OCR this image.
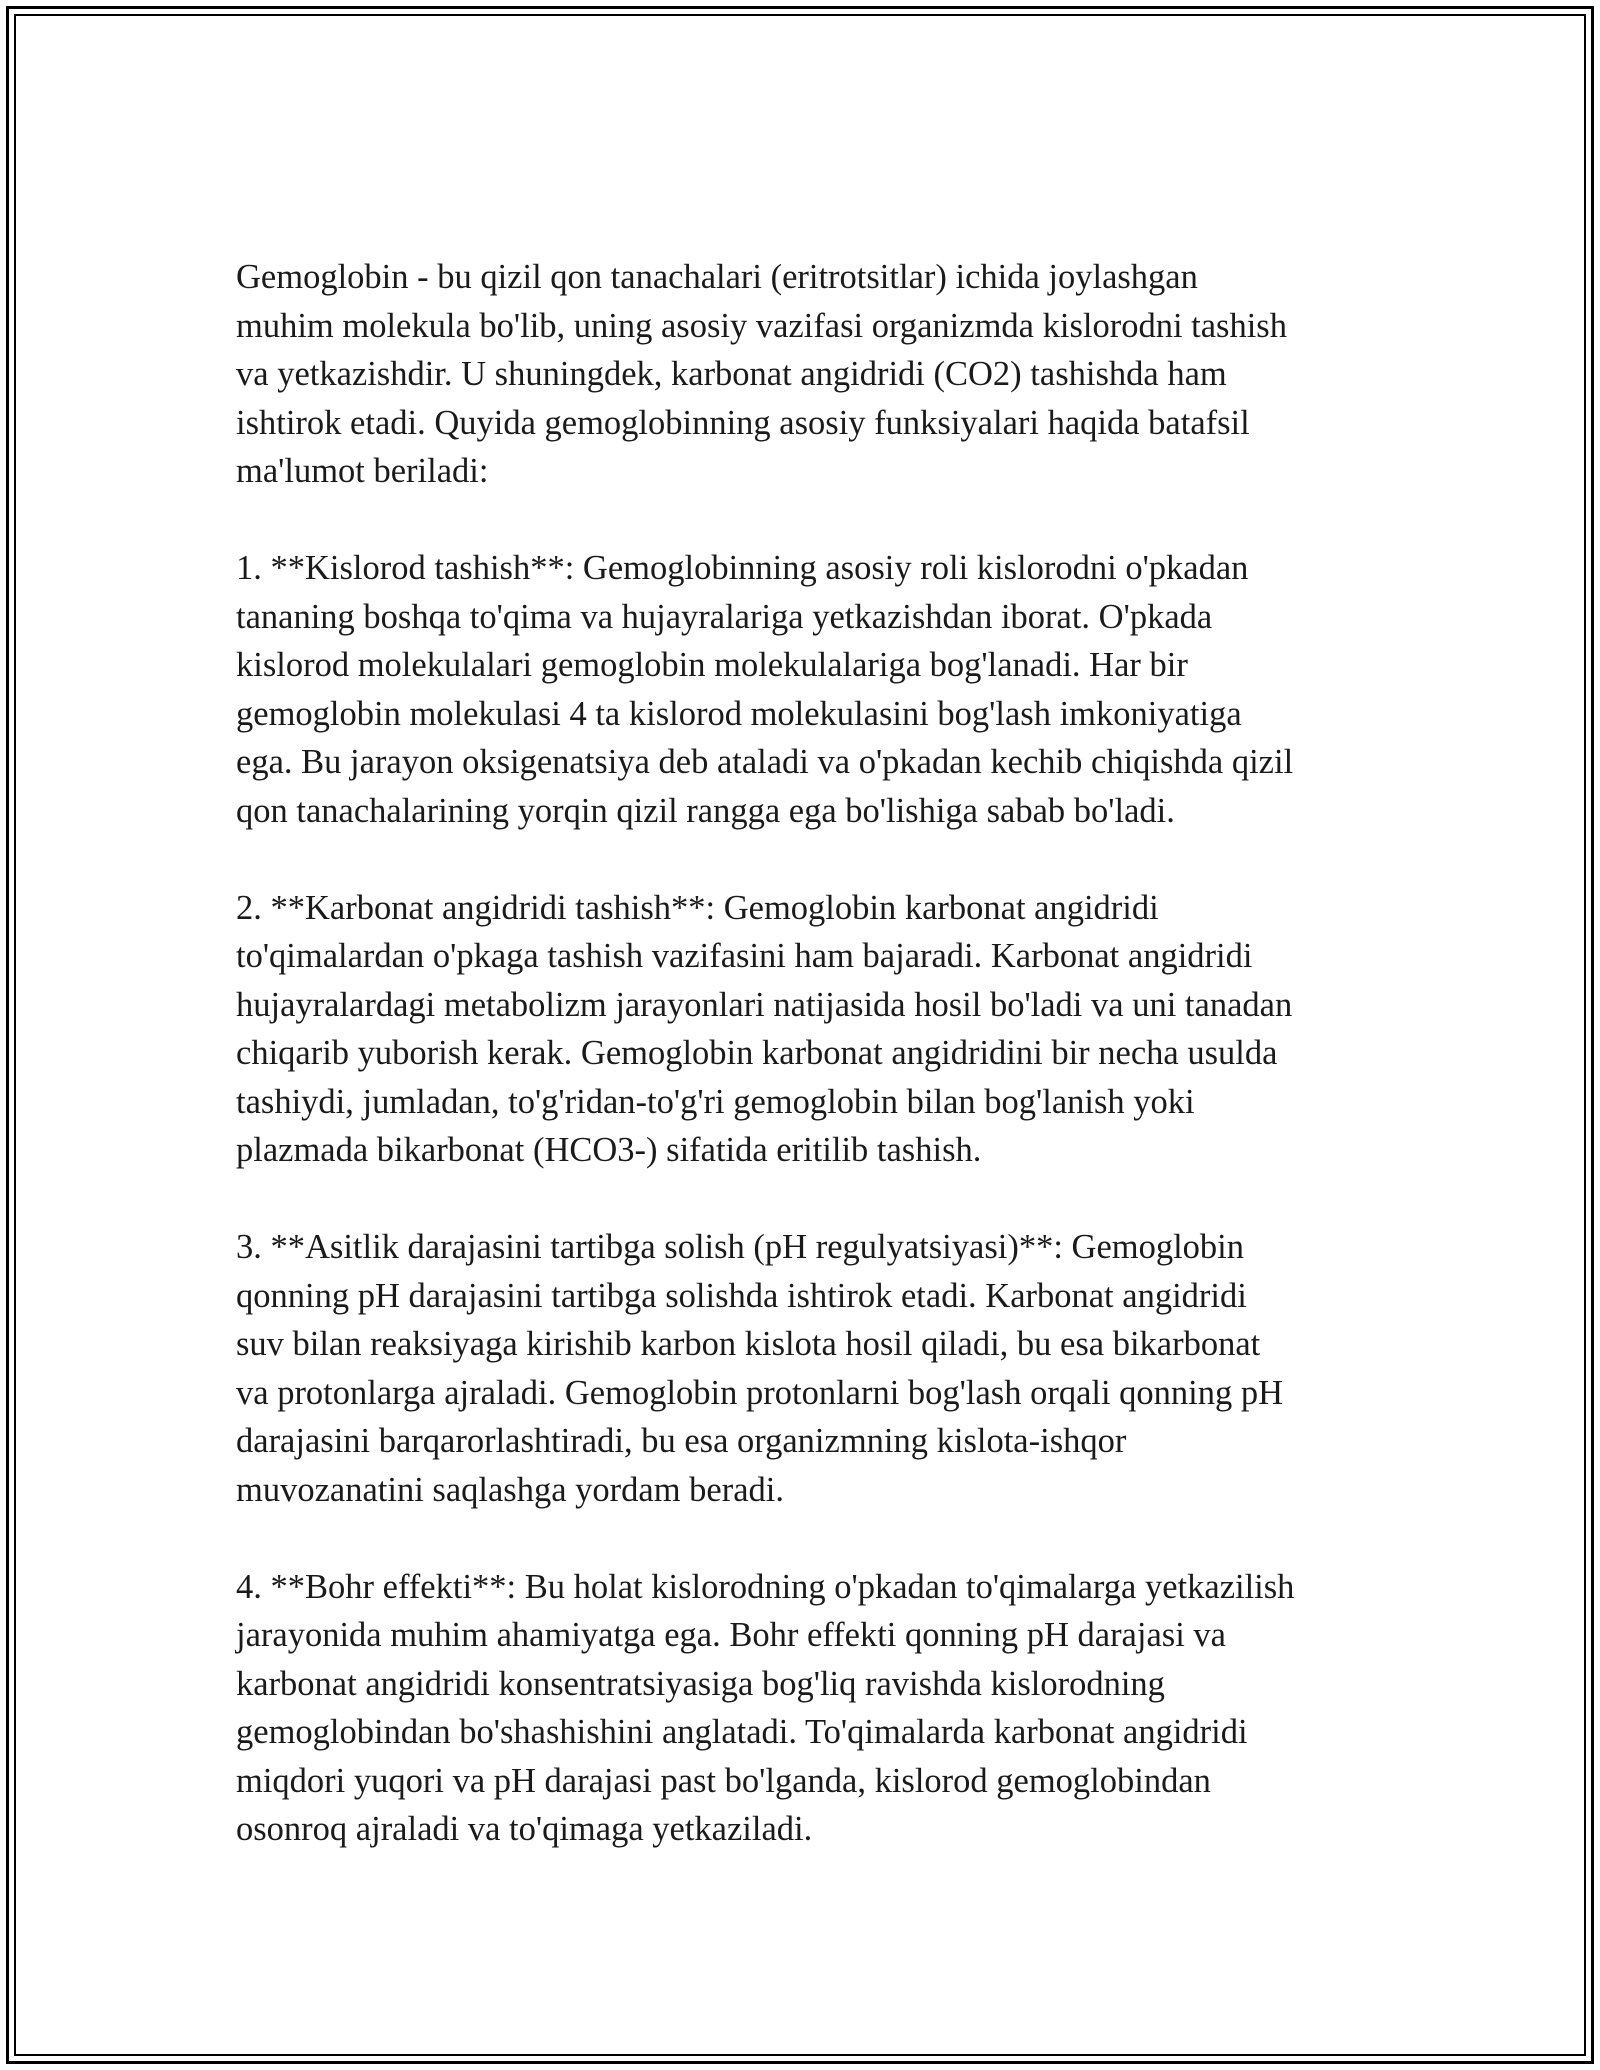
Gemoglobin - bu qizil qon tanachalari (eritrotsitlar) ichida joylashgan
muhim molekula bo'lib, uning asosiy vazifasi organizmda kislorodni tashish
va yetkazishdir. U shuningdek, karbonat angidridi (CO2) tashishda ham
ishtirok etadi. Quyida gemoglobinning asosiy funksiyalari haqida batafsil
ma'lumot beriladi:

1. **Kislorod tashish**: Gemoglobinning asosiy roli kislorodni o'pkadan
tananing boshqa to'qima va hujayralariga yetkazishdan iborat. O'pkada
kislorod molekulalari gemoglobin molekulalariga bog'lanadi. Har bir
gemoglobin molekulasi 4 ta kislorod molekulasini bog'lash imkoniyatiga
ega. Bu jarayon oksigenatsiya deb ataladi va o'pkadan kechib chiqishda qizil
qon tanachalarining yorqin qizil rangga ega bo'lishiga sabab bo'ladi.

2. **Karbonat angidridi tashish**: Gemoglobin karbonat angidridi
to'qimalardan o'pkaga tashish vazifasini ham bajaradi. Karbonat angidridi
hujayralardagi metabolizm jarayonlari natijasida hosil bo'ladi va uni tanadan
chiqarib yuborish kerak. Gemoglobin karbonat angidridini bir necha usulda
tashiydi, jumladan, to'g'ridan-to'g'ri gemoglobin bilan bog'lanish yoki
plazmada bikarbonat (HCO3-) sifatida eritilib tashish.

3. **Asitlik darajasini tartibga solish (pH regulyatsiyasi)**: Gemoglobin
qonning pH darajasini tartibga solishda ishtirok etadi. Karbonat angidridi
suv bilan reaksiyaga kirishib karbon kislota hosil qiladi, bu esa bikarbonat
va protonlarga ajraladi. Gemoglobin protonlarni bog'lash orqali qonning pH
darajasini barqarorlashtiradi, bu esa organizmning kislota-ishqor
muvozanatini saqlashga yordam beradi.

4. **Bohr effekti**: Bu holat kislorodning o'pkadan to'qimalarga yetkazilish
jarayonida muhim ahamiyatga ega. Bohr effekti qonning pH darajasi va
karbonat angidridi konsentratsiyasiga bog'liq ravishda kislorodning
gemoglobindan bo'shashishini anglatadi. To'qimalarda karbonat angidridi
miqdori yuqori va pH darajasi past bo'lganda, kislorod gemoglobindan
osonroq ajraladi va to'qimaga yetkaziladi.
